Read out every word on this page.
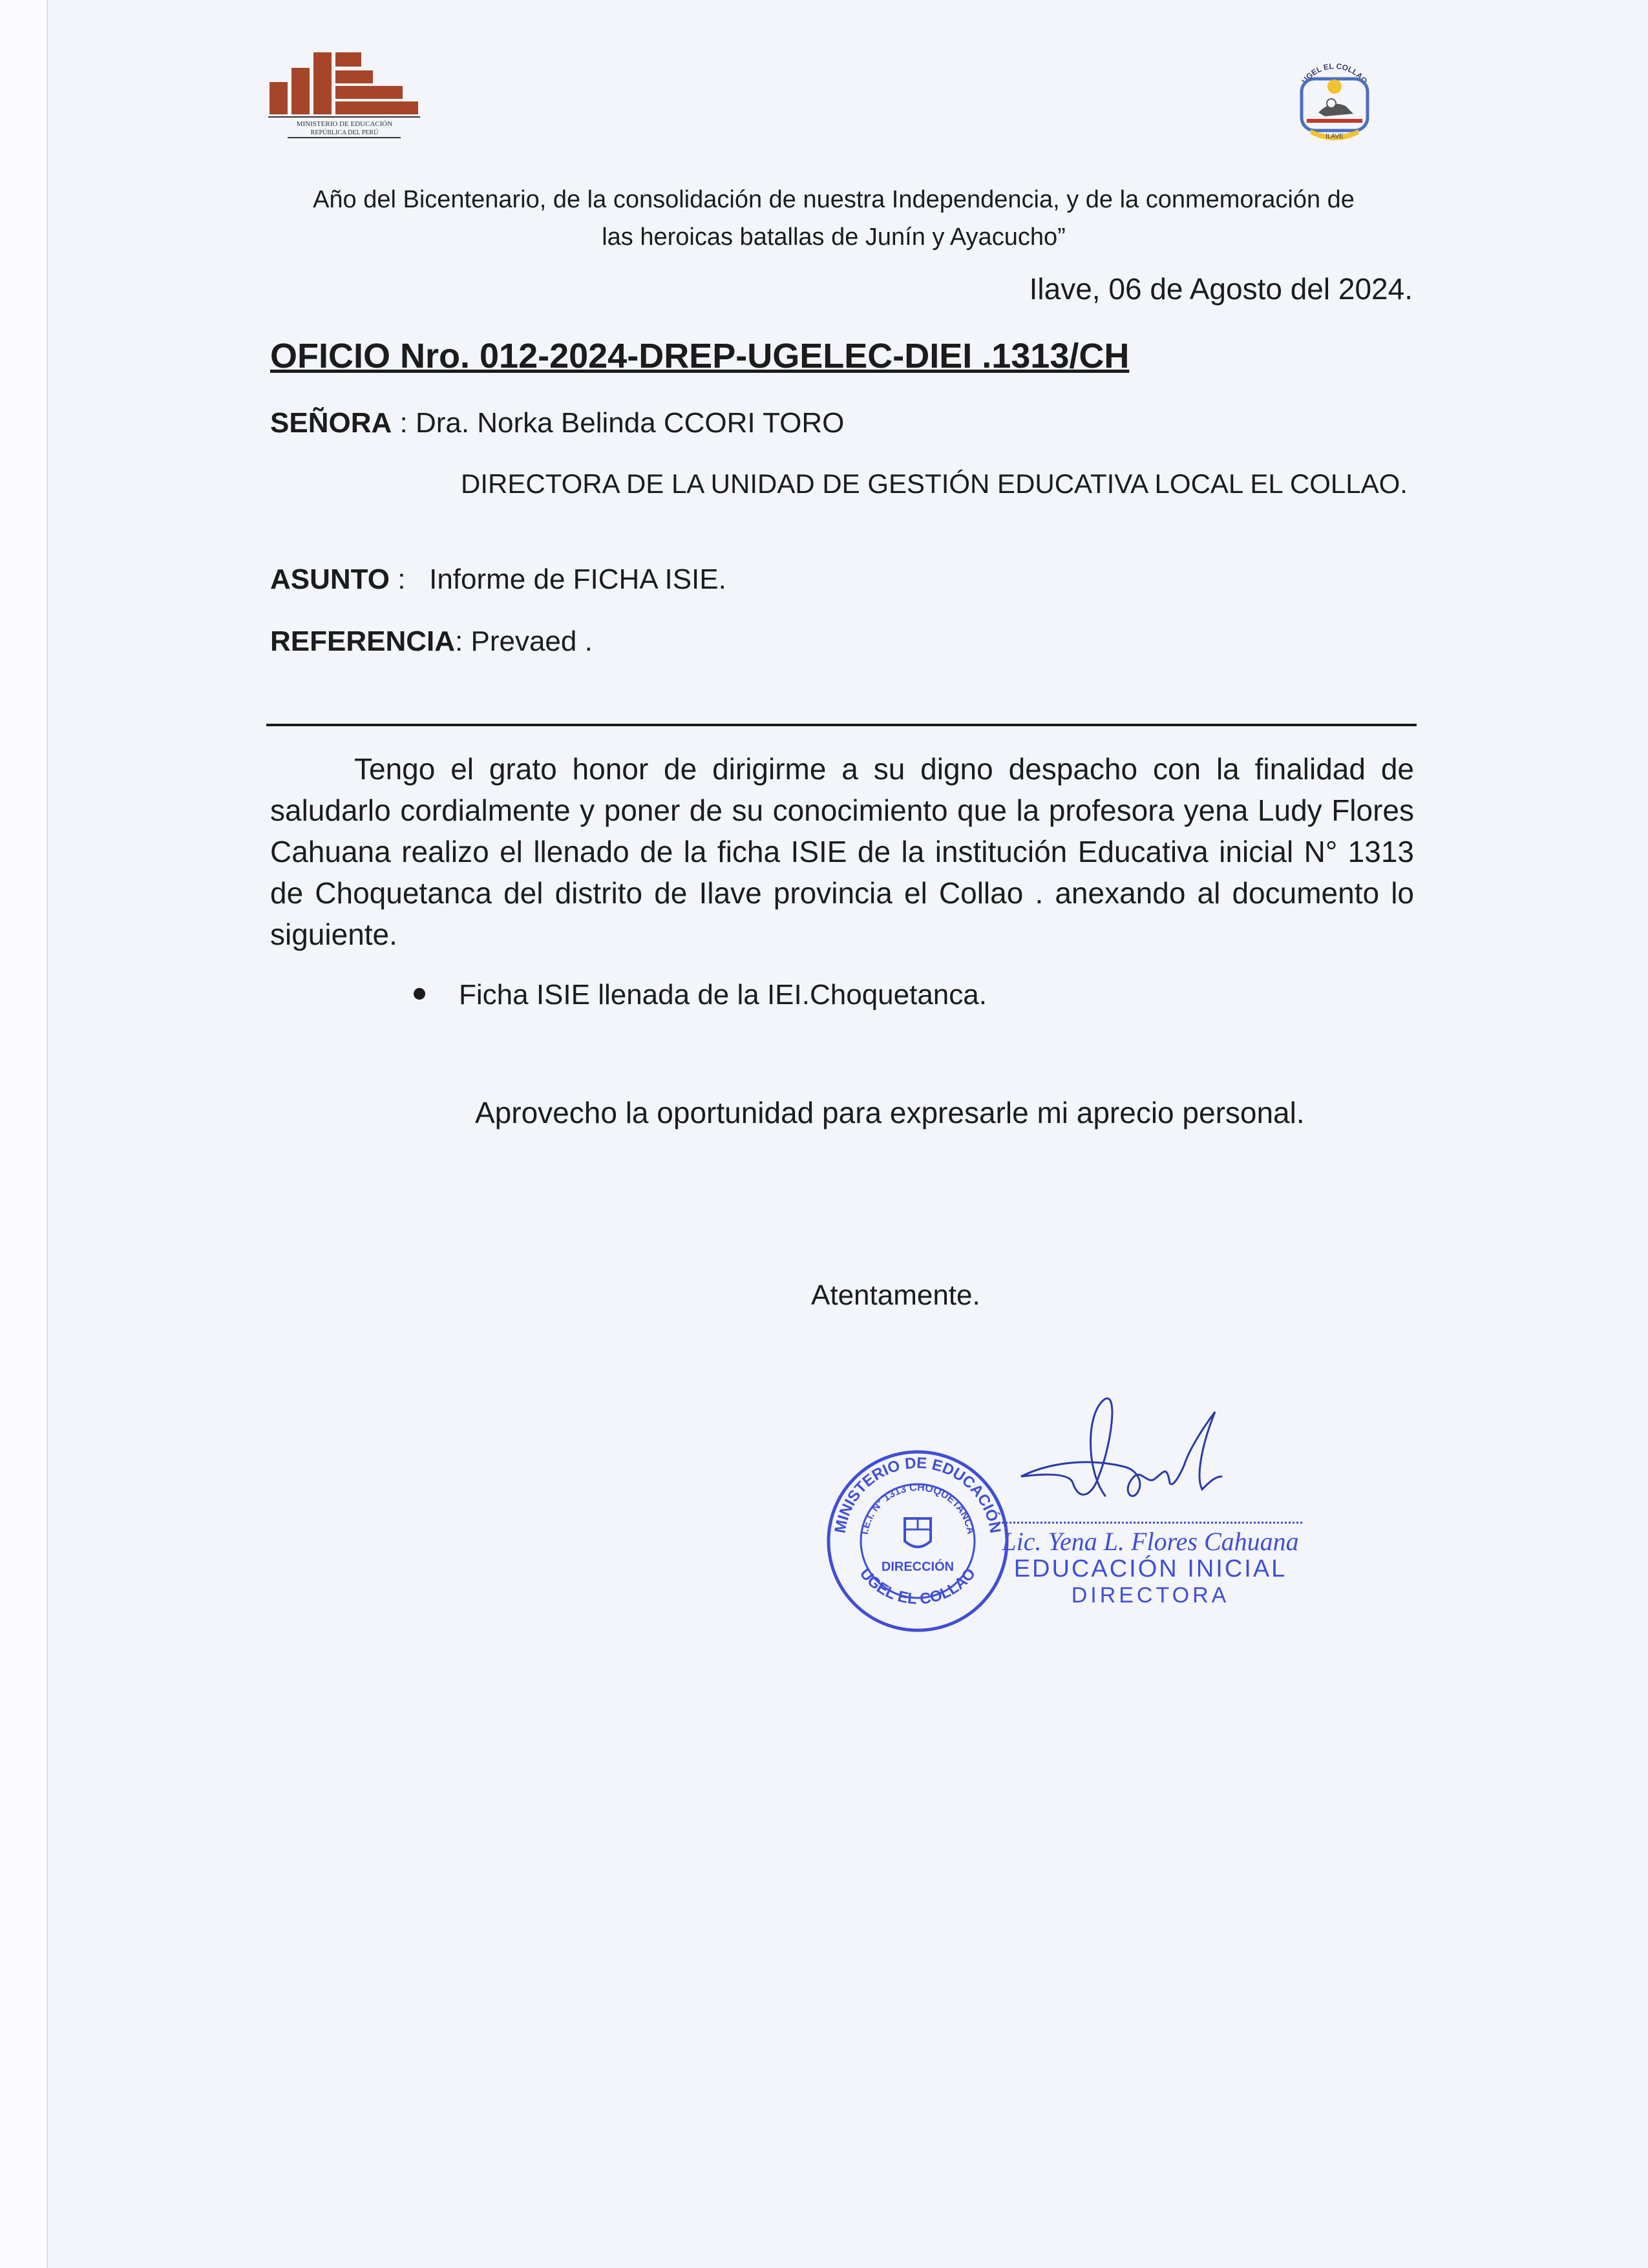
MINISTERIO DE EDUCACIÓN
REPÚBLICA DEL PERÚ
UGEL EL COLLAO
ILAVE
Año del Bicentenario, de la consolidación de nuestra Independencia, y de la conmemoración de
las heroicas batallas de Junín y Ayacucho”
Ilave, 06 de Agosto del 2024.
OFICIO Nro. 012-2024-DREP-UGELEC-DIEI .1313/CH
SEÑORA : Dra. Norka Belinda CCORI TORO
DIRECTORA DE LA UNIDAD DE GESTIÓN EDUCATIVA LOCAL EL COLLAO.
ASUNTO :   Informe de FICHA ISIE.
REFERENCIA: Prevaed .
Tengo el grato honor de dirigirme a su digno despacho con la finalidad de saludarlo cordialmente y poner de su conocimiento que la profesora yena Ludy Flores Cahuana realizo el llenado de la ficha ISIE de la institución Educativa inicial N° 1313 de Choquetanca del distrito de Ilave provincia el Collao . anexando al documento lo siguiente.
Ficha ISIE llenada de la IEI.Choquetanca.
Aprovecho la oportunidad para expresarle mi aprecio personal.
Atentamente.
MINISTERIO DE EDUCACIÓN
I.E.I. N° 1313 CHOQUETANCA
UGEL EL COLLAO
DIRECCIÓN
Lic. Yena L. Flores Cahuana
EDUCACIÓN INICIAL
DIRECTORA
